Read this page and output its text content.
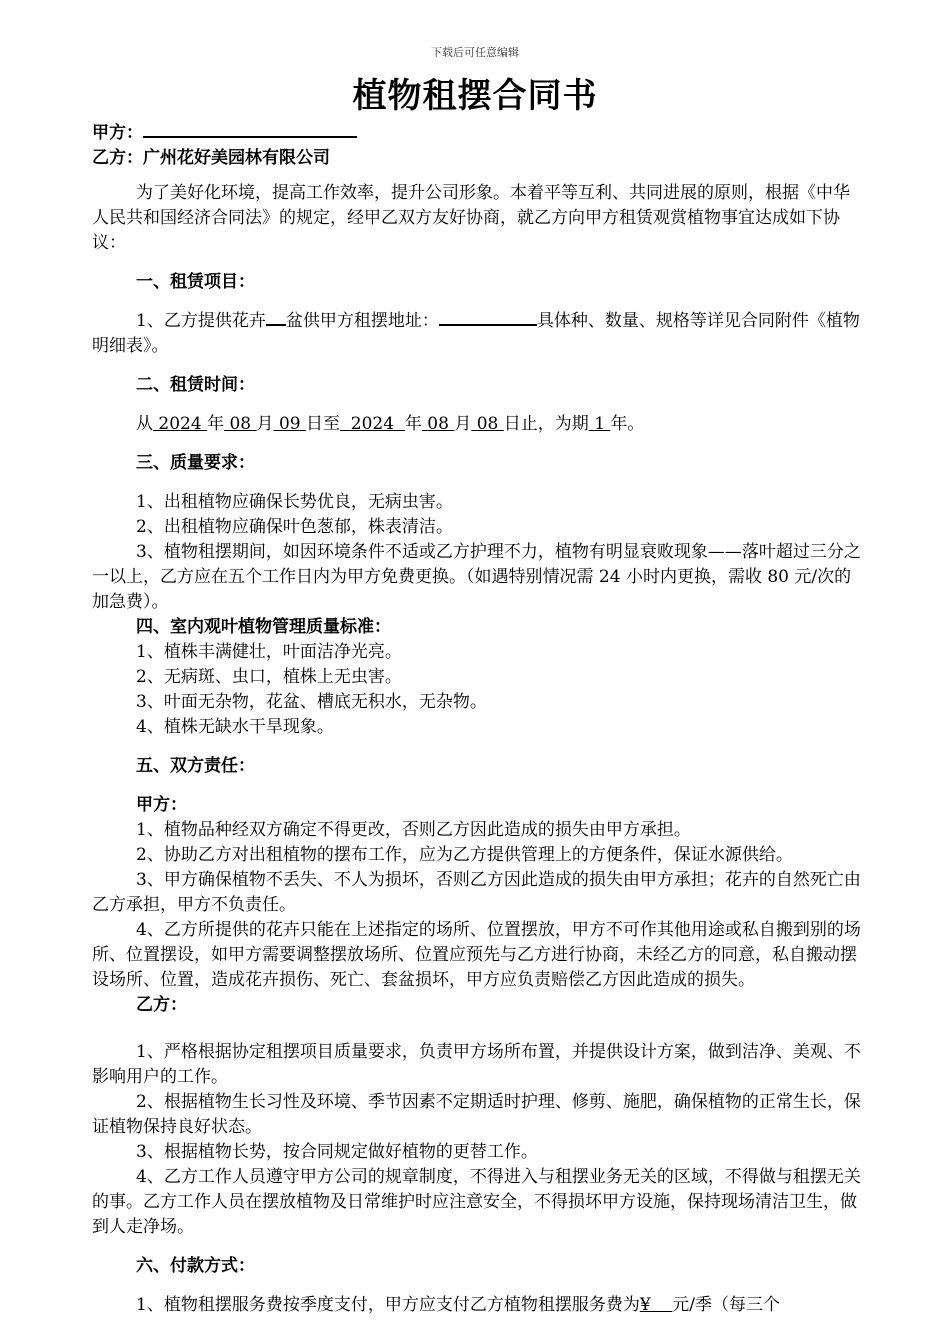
下载后可任意编辑
植物租摆合同书
甲方：
乙方：广州花好美园林有限公司

为了美好化环境，提高工作效率，提升公司形象。本着平等互利、共同进展的原则，根据《中华人民共和国经济合同法》的规定，经甲乙双方友好协商，就乙方向甲方租赁观赏植物事宜达成如下协议：

一、租赁项目：

1、乙方提供花卉 盆供甲方租摆地址：	具体种、数量、规格等详见合同附件《植物明细表》。

二、租赁时间：

从 2024 年 08 月 09 日至 2024 年 08 月 08 日止，为期 1 年。

三、质量要求：

1、出租植物应确保长势优良，无病虫害。

2、出租植物应确保叶色葱郁，株表清洁。

3、植物租摆期间，如因环境条件不适或乙方护理不力，植物有明显衰败现象——落叶超过三分之一以上，乙方应在五个工作日内为甲方免费更换。（如遇特别情况需 24 小时内更换，需收 80 元/次的加急费）。

四、室内观叶植物管理质量标准：

1、植株丰满健壮，叶面洁净光亮。

2、无病斑、虫口，植株上无虫害。

3、叶面无杂物，花盆、槽底无积水，无杂物。

4、植株无缺水干旱现象。

五、双方责任：

甲方：

1、植物品种经双方确定不得更改，否则乙方因此造成的损失由甲方承担。

2、协助乙方对出租植物的摆布工作，应为乙方提供管理上的方便条件，保证水源供给。

3、甲方确保植物不丢失、不人为损坏，否则乙方因此造成的损失由甲方承担；花卉的自然死亡由乙方承担，甲方不负责任。

4、乙方所提供的花卉只能在上述指定的场所、位置摆放，甲方不可作其他用途或私自搬到别的场所、位置摆设，如甲方需要调整摆放场所、位置应预先与乙方进行协商，未经乙方的同意，私自搬动摆设场所、位置，造成花卉损伤、死亡、套盆损坏，甲方应负责赔偿乙方因此造成的损失。

乙方：

1、严格根据协定租摆项目质量要求，负责甲方场所布置，并提供设计方案，做到洁净、美观、不影响用户的工作。

2、根据植物生长习性及环境、季节因素不定期适时护理、修剪、施肥，确保植物的正常生长，保证植物保持良好状态。

3、根据植物长势，按合同规定做好植物的更替工作。

4、乙方工作人员遵守甲方公司的规章制度，不得进入与租摆业务无关的区域，不得做与租摆无关的事。乙方工作人员在摆放植物及日常维护时应注意安全，不得损坏甲方设施，保持现场清洁卫生，做到人走净场。

六、付款方式：

1、植物租摆服务费按季度支付，甲方应支付乙方植物租摆服务费为¥ 元/季（每三个
